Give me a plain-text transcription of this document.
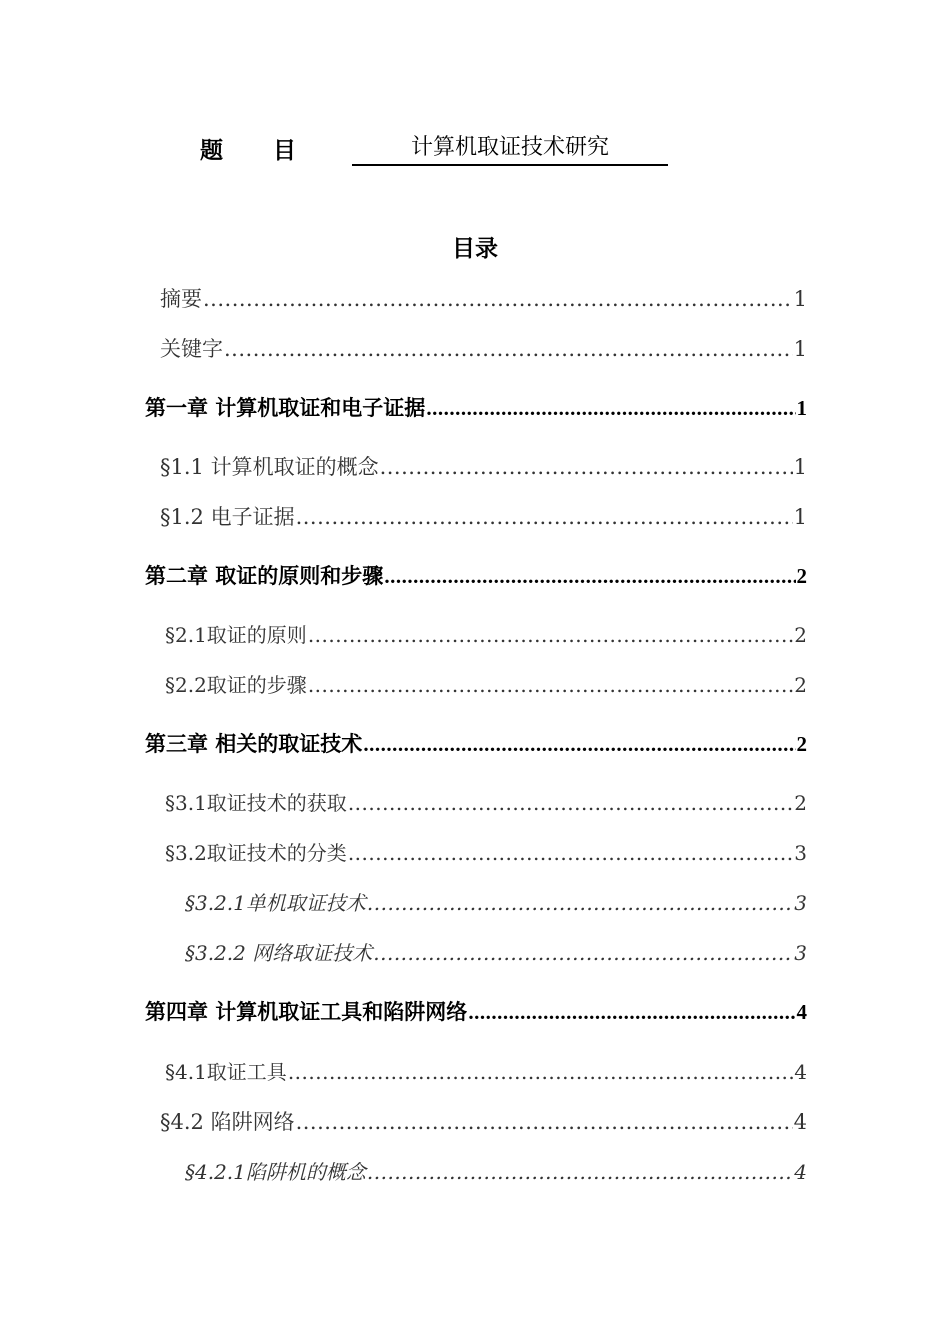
题目	计算机取证技术研究
目录
摘要 .....	1
关键字 .....	1
第一章 计算机取证和电子证据 .....	1
§1.1 计算机取证的概念 .....	1
§1.2 电子证据 .....	1
第二章 取证的原则和步骤 .....	2
§2.1取证的原则 .....	2
§2.2取证的步骤 .....	2
第三章 相关的取证技术 .....	2
§3.1取证技术的获取 .....	2
§3.2取证技术的分类 .....	3
§3.2.1单机取证技术 .....	3
§3.2.2 网络取证技术 .....	3
第四章 计算机取证工具和陷阱网络 .....	4
§4.1取证工具 .....	4
§4.2 陷阱网络 .....	4
§4.2.1陷阱机的概念 .....	4
